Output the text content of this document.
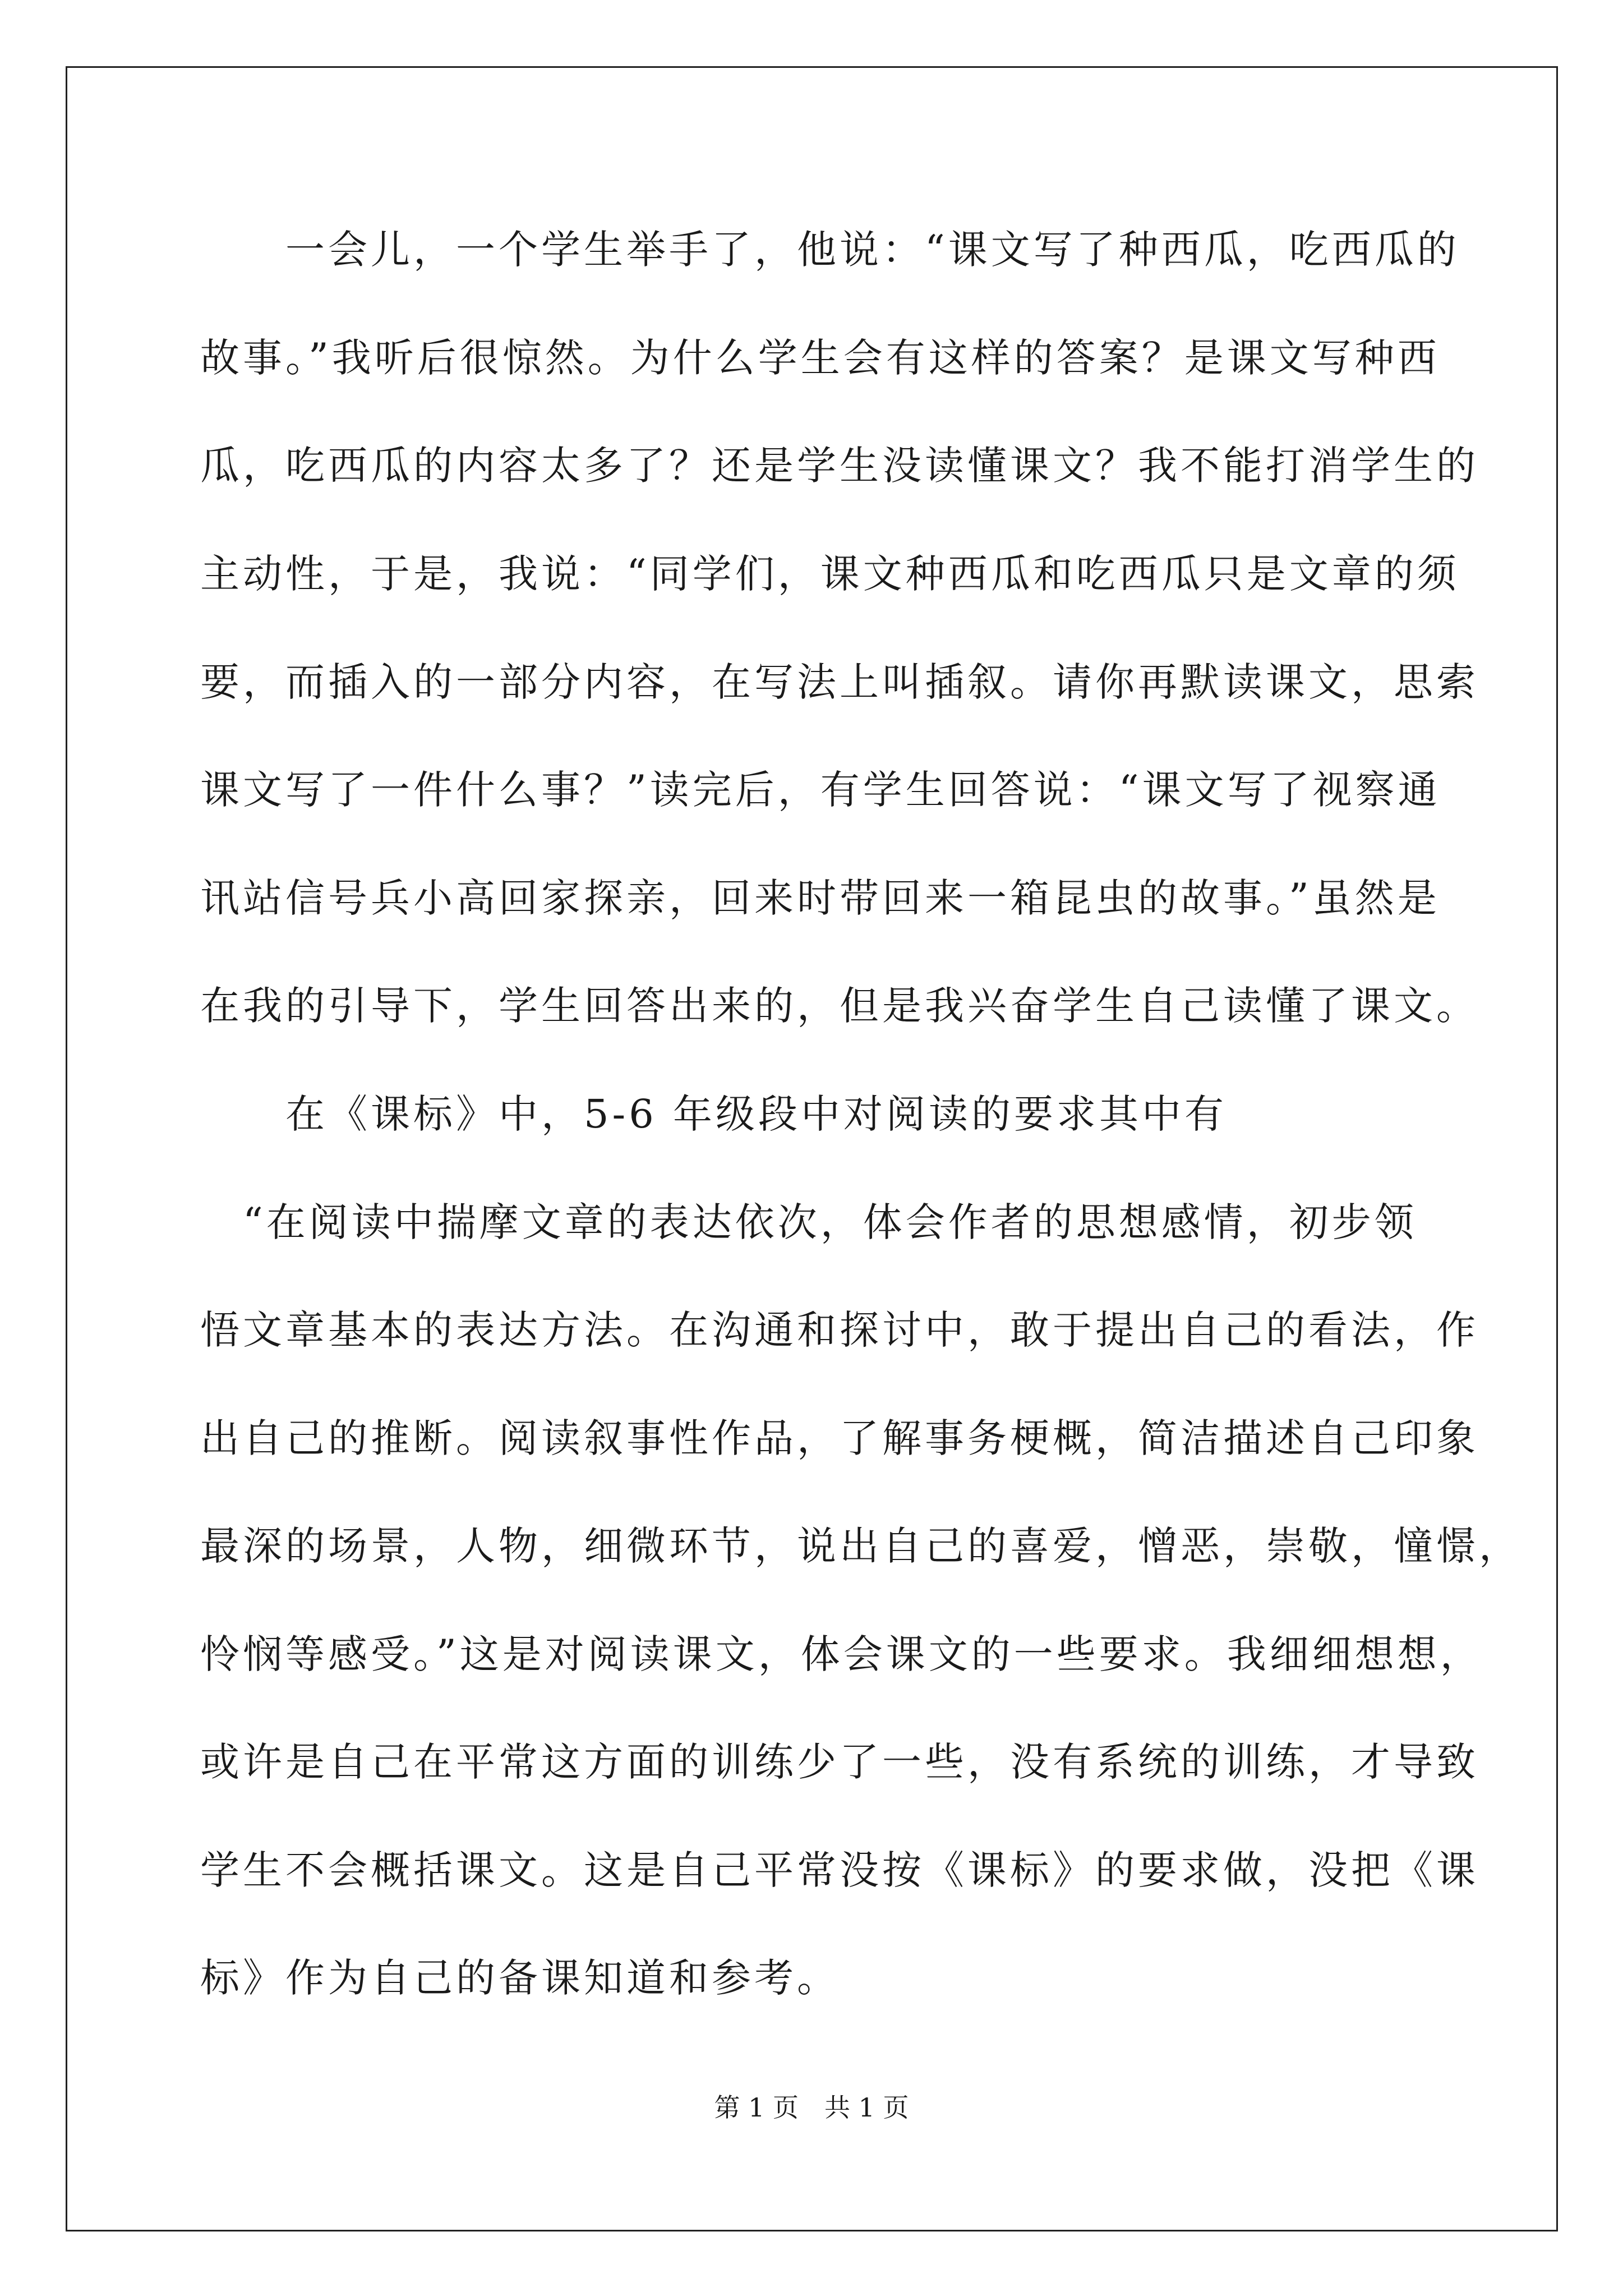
　　一会儿，一个学生举手了，他说：“课文写了种西瓜，吃西瓜的

故事。”我听后很惊然。为什么学生会有这样的答案？是课文写种西

瓜，吃西瓜的内容太多了？还是学生没读懂课文？我不能打消学生的

主动性，于是，我说：“同学们，课文种西瓜和吃西瓜只是文章的须

要，而插入的一部分内容，在写法上叫插叙。请你再默读课文，思索

课文写了一件什么事？”读完后，有学生回答说：“课文写了视察通

讯站信号兵小高回家探亲，回来时带回来一箱昆虫的故事。”虽然是

在我的引导下，学生回答出来的，但是我兴奋学生自己读懂了课文。

　　在《课标》中，5-6 年级段中对阅读的要求其中有

　“在阅读中揣摩文章的表达依次，体会作者的思想感情，初步领

悟文章基本的表达方法。在沟通和探讨中，敢于提出自己的看法，作

出自己的推断。阅读叙事性作品，了解事务梗概，简洁描述自己印象

最深的场景，人物，细微环节，说出自己的喜爱，憎恶，崇敬，憧憬，

怜悯等感受。”这是对阅读课文，体会课文的一些要求。我细细想想，

或许是自己在平常这方面的训练少了一些，没有系统的训练，才导致

学生不会概括课文。这是自己平常没按《课标》的要求做，没把《课

标》作为自己的备课知道和参考。

第 1 页　共 1 页
